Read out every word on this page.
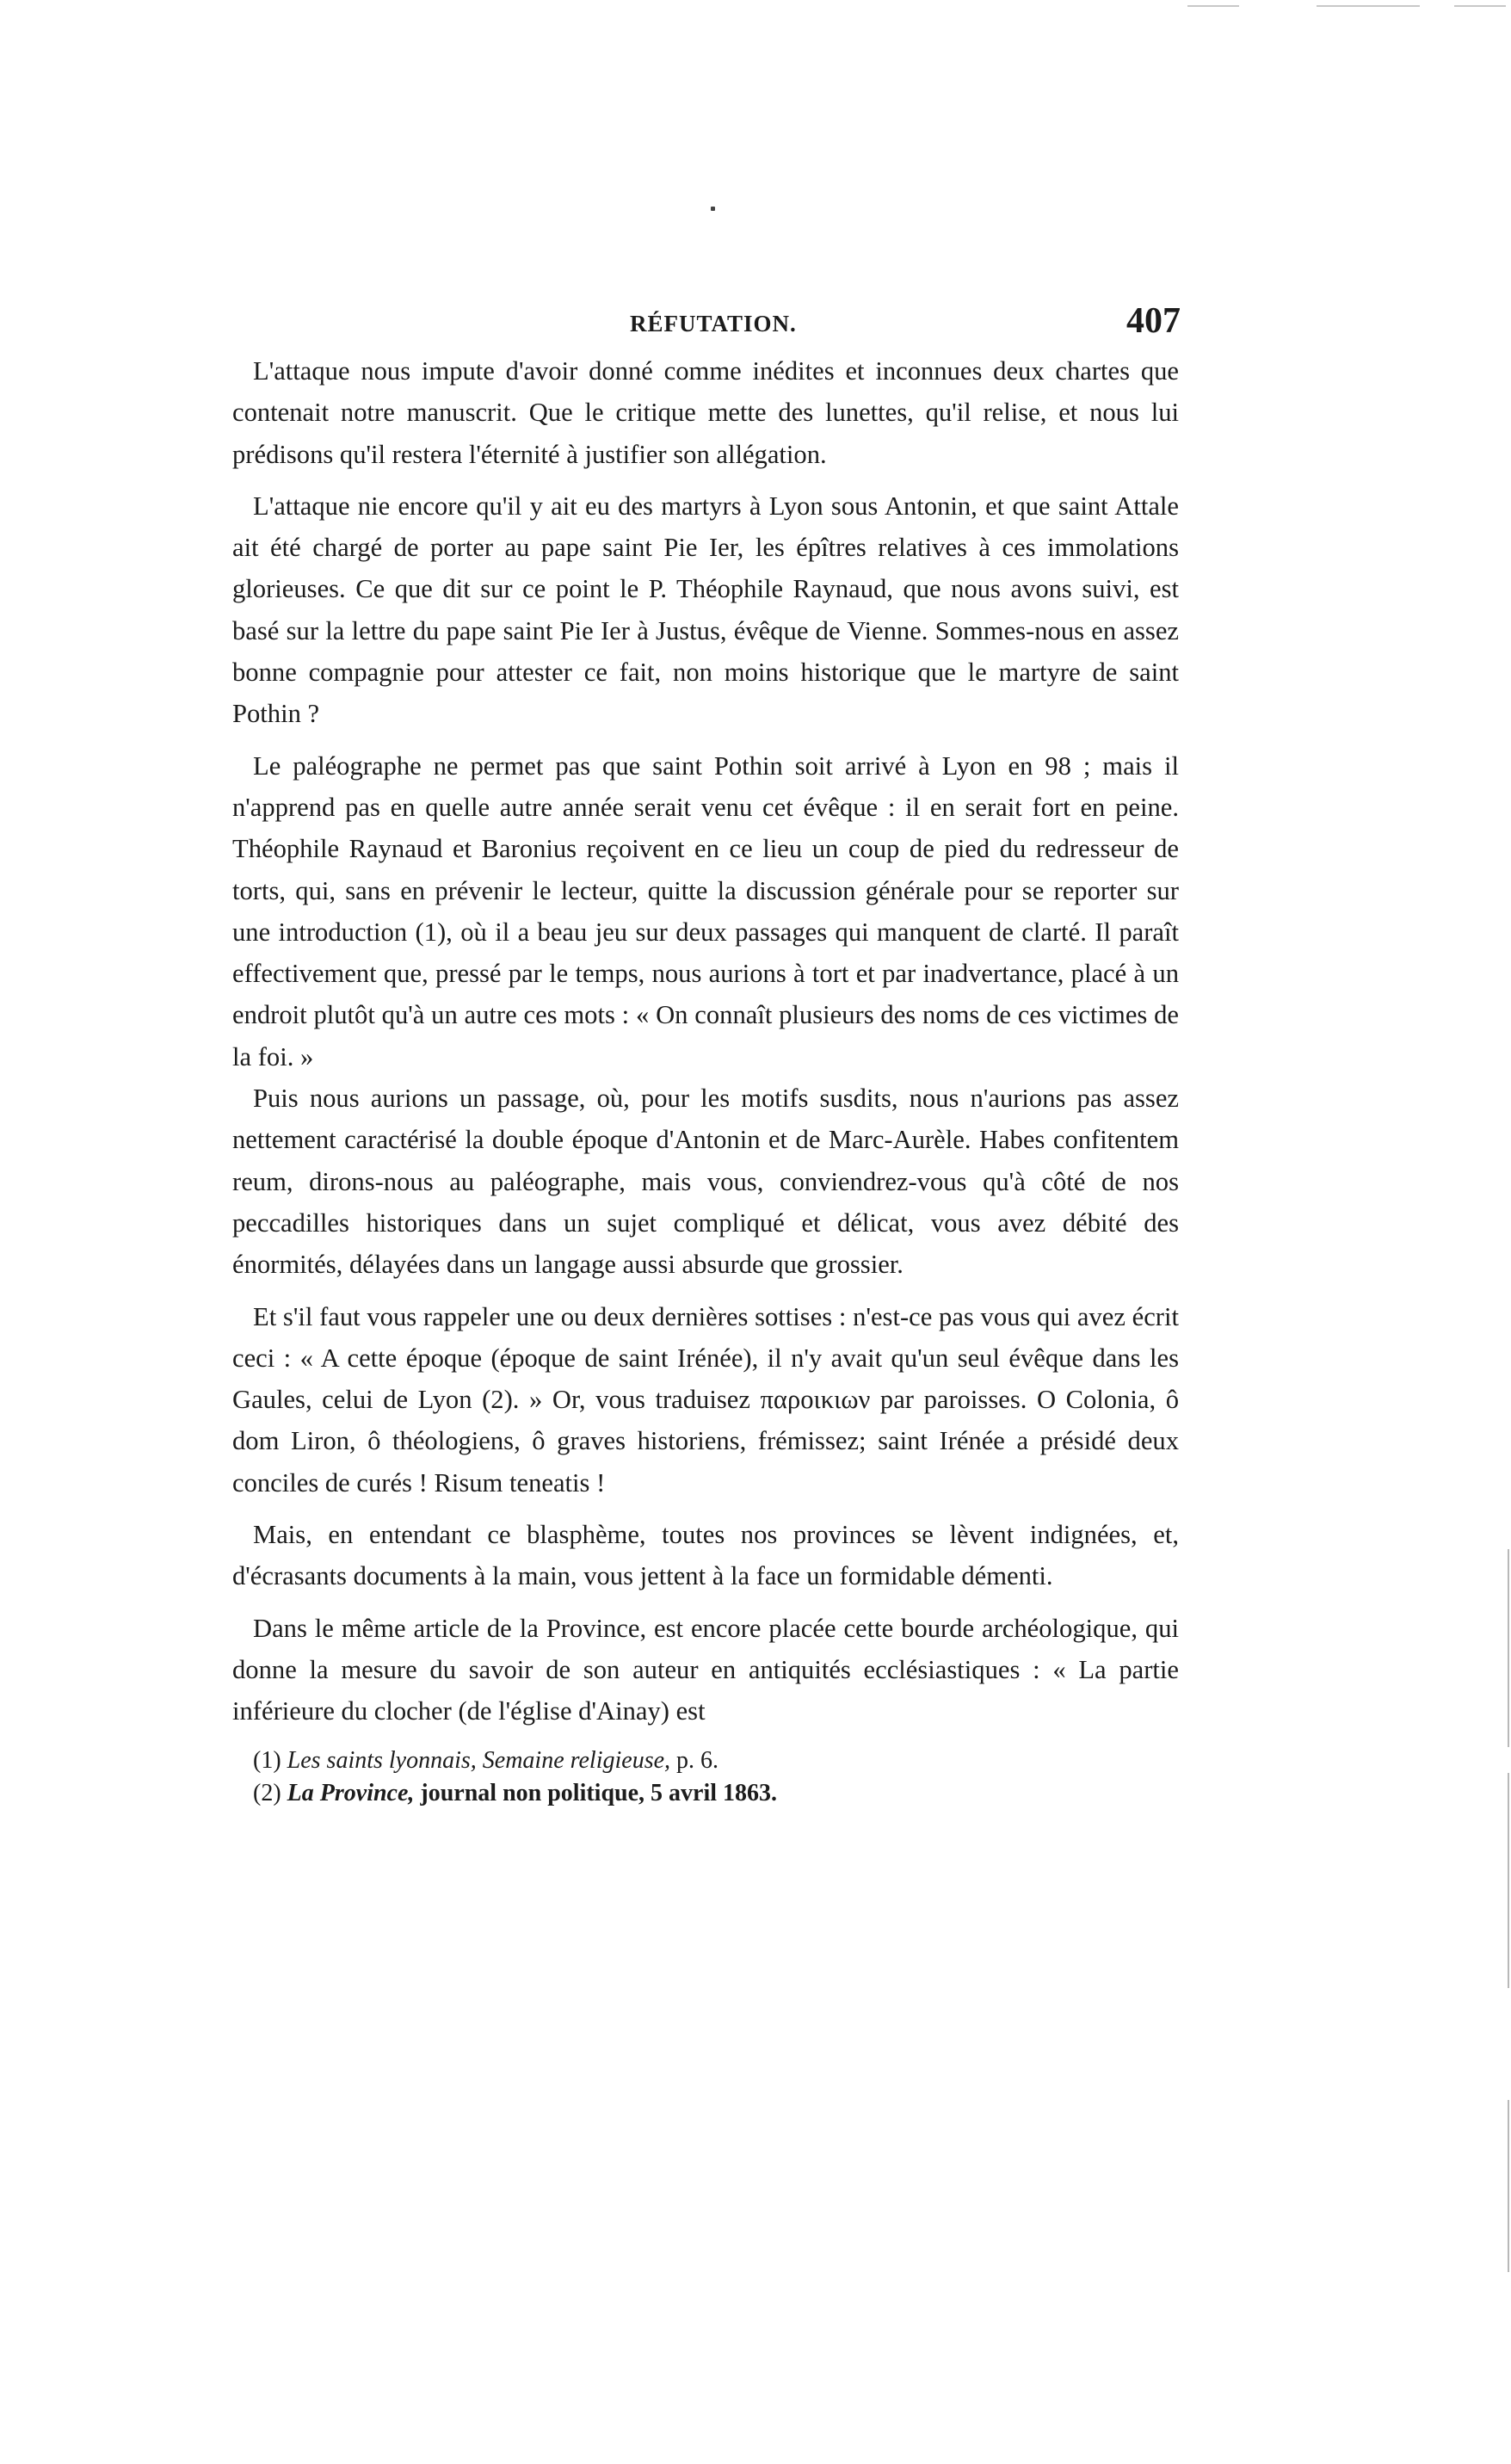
RÉFUTATION.	407

L'attaque nous impute d'avoir donné comme inédites et inconnues deux chartes que contenait notre manuscrit. Que le critique mette des lunettes, qu'il relise, et nous lui prédisons qu'il restera l'éternité à justifier son allégation.

L'attaque nie encore qu'il y ait eu des martyrs à Lyon sous Antonin, et que saint Attale ait été chargé de porter au pape saint Pie Ier, les épîtres relatives à ces immolations glorieuses. Ce que dit sur ce point le P. Théophile Raynaud, que nous avons suivi, est basé sur la lettre du pape saint Pie Ier à Justus, évêque de Vienne. Sommes-nous en assez bonne compagnie pour attester ce fait, non moins historique que le martyre de saint Pothin ?

Le paléographe ne permet pas que saint Pothin soit arrivé à Lyon en 98 ; mais il n'apprend pas en quelle autre année serait venu cet évêque : il en serait fort en peine. Théophile Raynaud et Baronius reçoivent en ce lieu un coup de pied du redresseur de torts, qui, sans en prévenir le lecteur, quitte la discussion générale pour se reporter sur une introduction (1), où il a beau jeu sur deux passages qui manquent de clarté. Il paraît effectivement que, pressé par le temps, nous aurions à tort et par inadvertance, placé à un endroit plutôt qu'à un autre ces mots : « On connaît plusieurs des noms de ces victimes de la foi. »

Puis nous aurions un passage, où, pour les motifs susdits, nous n'aurions pas assez nettement caractérisé la double époque d'Antonin et de Marc-Aurèle. Habes confitentem reum, dirons-nous au paléographe, mais vous, conviendrez-vous qu'à côté de nos peccadilles historiques dans un sujet compliqué et délicat, vous avez débité des énormités, délayées dans un langage aussi absurde que grossier.

Et s'il faut vous rappeler une ou deux dernières sottises : n'est-ce pas vous qui avez écrit ceci : « A cette époque (époque de saint Irénée), il n'y avait qu'un seul évêque dans les Gaules, celui de Lyon (2). » Or, vous traduisez παροικιων par paroisses. O Colonia, ô dom Liron, ô théologiens, ô graves historiens, frémissez; saint Irénée a présidé deux conciles de curés ! Risum teneatis !

Mais, en entendant ce blasphème, toutes nos provinces se lèvent indignées, et, d'écrasants documents à la main, vous jettent à la face un formidable démenti.

Dans le même article de la Province, est encore placée cette bourde archéologique, qui donne la mesure du savoir de son auteur en antiquités ecclésiastiques : « La partie inférieure du clocher (de l'église d'Ainay) est

(1) Les saints lyonnais, Semaine religieuse, p. 6.

(2) La Province, journal non politique, 5 avril 1863.
